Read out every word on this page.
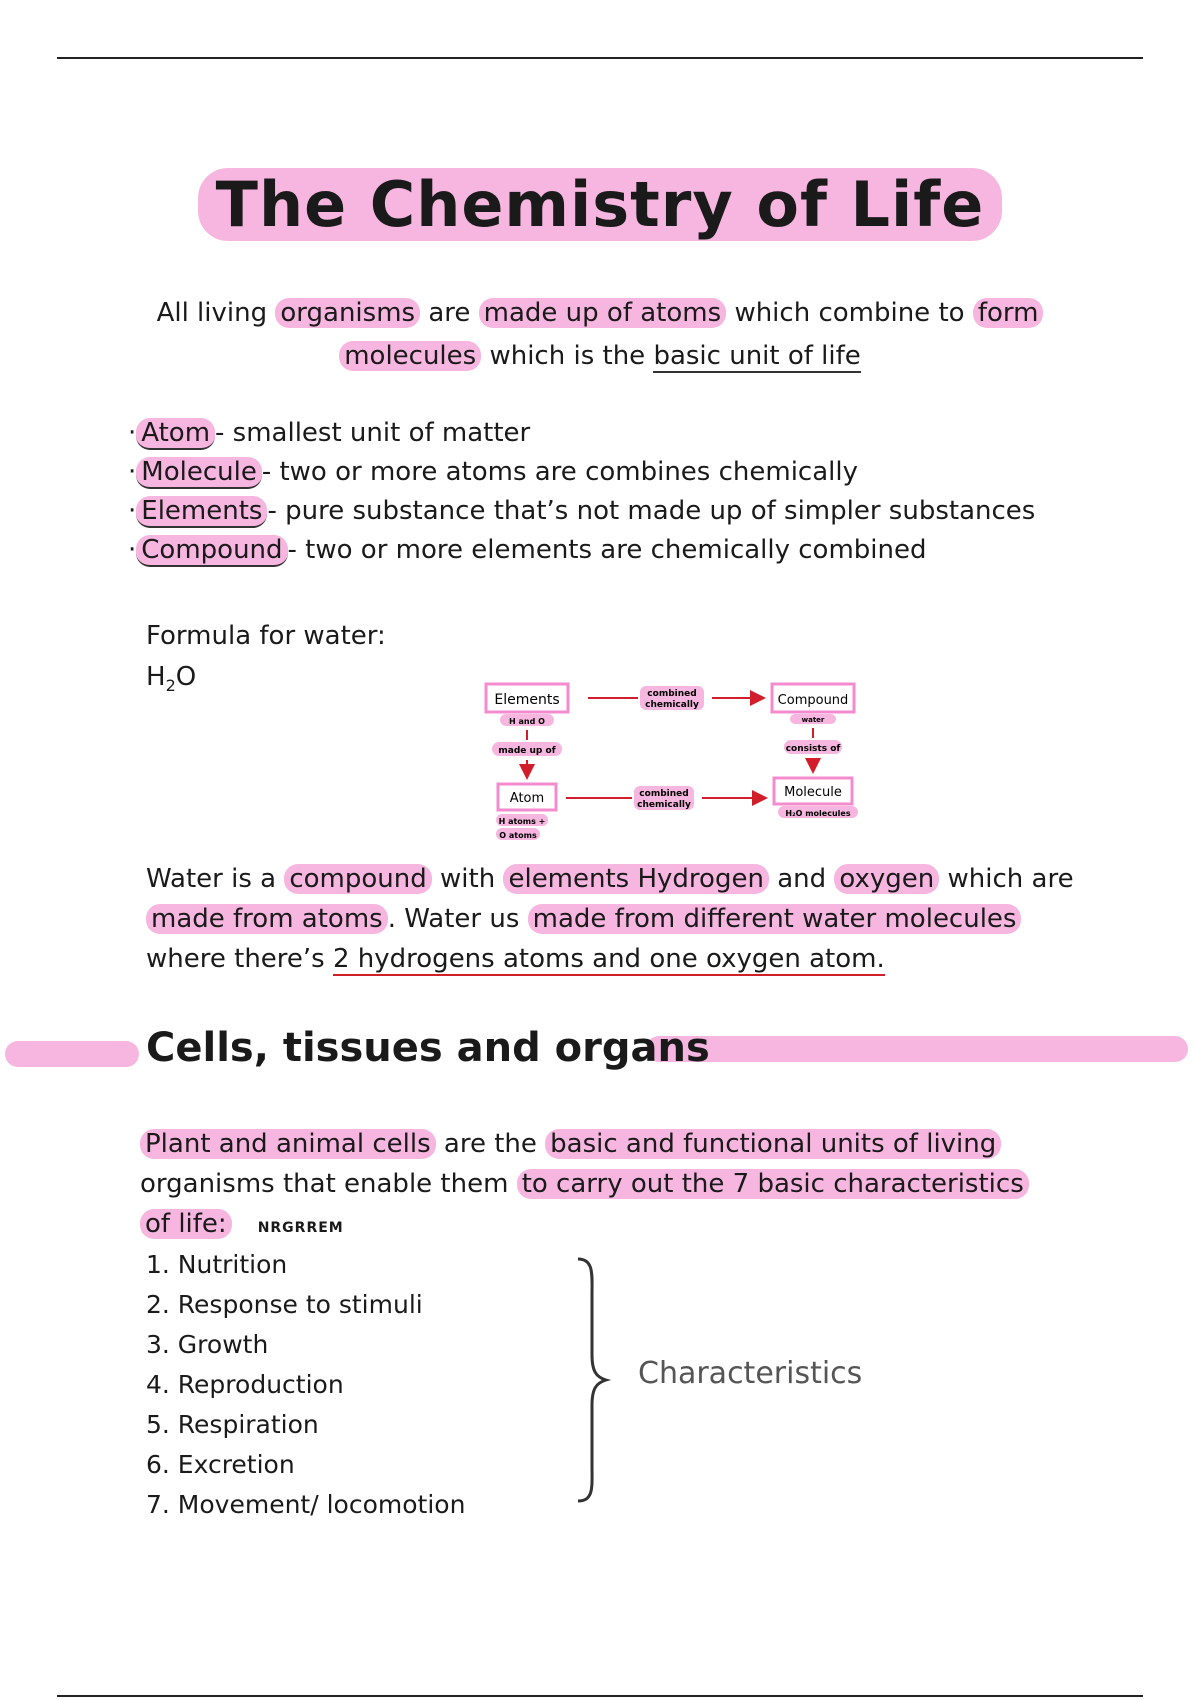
The Chemistry of Life
All living organisms are made up of atoms which combine to form
molecules which is the basic unit of life
· Atom - smallest unit of matter
· Molecule - two or more atoms are combines chemically
· Elements - pure substance that’s not made up of simpler substances
· Compound - two or more elements are chemically combined
Formula for water:
$H_2O$
Elements
H and O
Compound
water
combined
chemically
made up of	consists of
Atom
H atoms +
O atoms
Molecule
H₂O molecules
combined
chemically
Water is a compound with elements Hydrogen and oxygen which are
made from atoms . Water us made from different water molecules
where there’s 2 hydrogens atoms and one oxygen atom.
Cells, tissues and organs
Plant and animal cells are the basic and functional units of living
organisms that enable them to carry out the 7 basic characteristics
of life: NRGRREM
1. Nutrition
2. Response to stimuli
3. Growth
4. Reproduction
5. Respiration
6. Excretion
7. Movement/ locomotion
Characteristics
